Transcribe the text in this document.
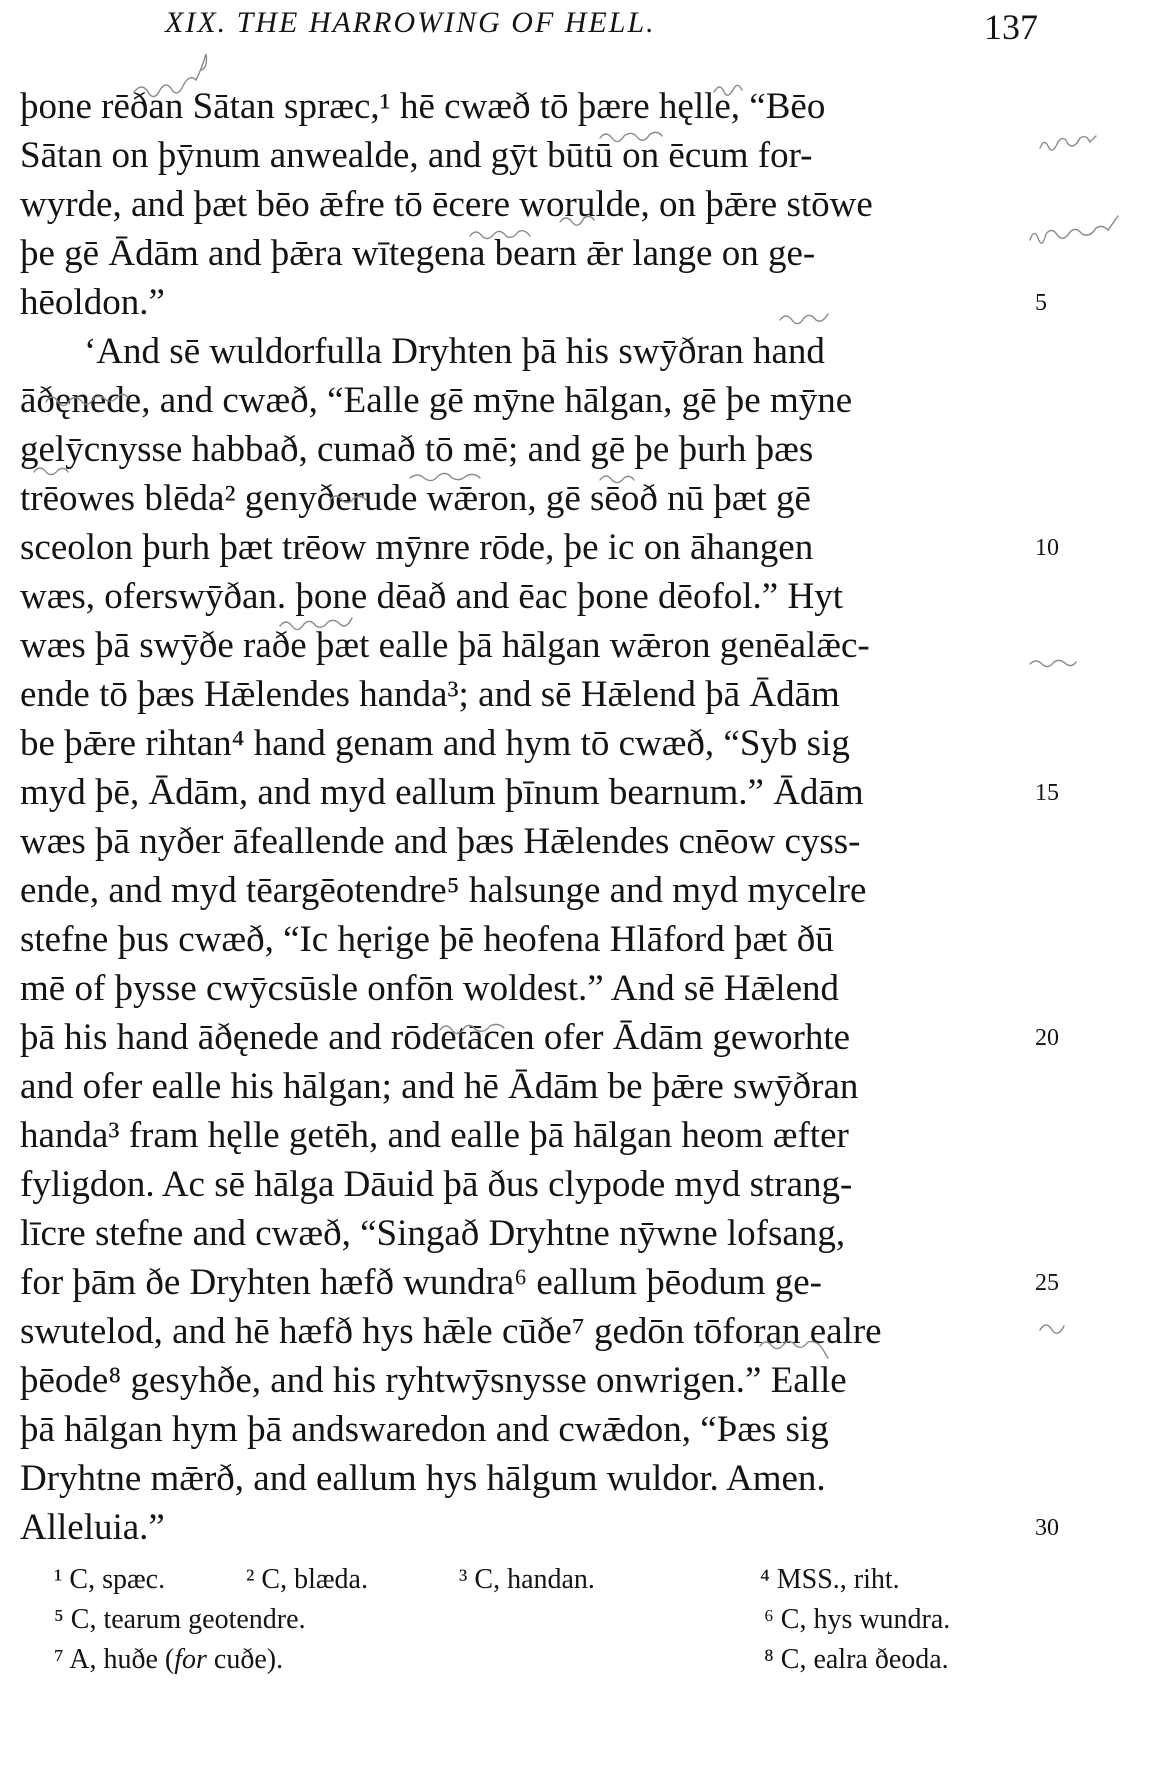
XIX. THE HARROWING OF HELL.	137
þone rēðan Sātan spræc,¹ hē cwæð tō þære hęlle, “Bēo
Sātan on þȳnum anwealde, and gȳt būtū on ēcum for-
wyrde, and þæt bēo ǣfre tō ēcere worulde, on þǣre stōwe
þe gē Ādām and þǣra wītegena bearn ǣr lange on ge-
hēoldon.”
‘And sē wuldorfulla Dryhten þā his swȳðran hand
āðęnede, and cwæð, “Ealle gē mȳne hālgan, gē þe mȳne
gelȳcnysse habbað, cumað tō mē; and gē þe þurh þæs
trēowes blēda² genyðerude wǣron, gē sēoð nū þæt gē
sceolon þurh þæt trēow mȳnre rōde, þe ic on āhangen
wæs, oferswȳðan. þone dēað and ēac þone dēofol.” Hyt
wæs þā swȳðe raðe þæt ealle þā hālgan wǣron genēalǣc-
ende tō þæs Hǣlendes handa³; and sē Hǣlend þā Ādām
be þǣre rihtan⁴ hand genam and hym tō cwæð, “Syb sig
myd þē, Ādām, and myd eallum þīnum bearnum.” Ādām
wæs þā nyðer āfeallende and þæs Hǣlendes cnēow cyss-
ende, and myd tēargēotendre⁵ halsunge and myd mycelre
stefne þus cwæð, “Ic hęrige þē heofena Hlāford þæt ðū
mē of þysse cwȳcsūsle onfōn woldest.” And sē Hǣlend
þā his hand āðęnede and rōdetācen ofer Ādām geworhte
and ofer ealle his hālgan; and hē Ādām be þǣre swȳðran
handa³ fram hęlle getēh, and ealle þā hālgan heom æfter
fyligdon. Ac sē hālga Dāuid þā ðus clypode myd strang-
līcre stefne and cwæð, “Singað Dryhtne nȳwne lofsang,
for þām ðe Dryhten hæfð wundra⁶ eallum þēodum ge-
swutelod, and hē hæfð hys hǣle cūðe⁷ gedōn tōforan ealre
þēode⁸ gesyhðe, and his ryhtwȳsnysse onwrigen.” Ealle
þā hālgan hym þā andswaredon and cwǣdon, “Þæs sig
Dryhtne mǣrð, and eallum hys hālgum wuldor. Amen.
Alleluia.”
5
10
15
20
25
30
¹ C, spæc.	² C, blæda.	³ C, handan.	⁴ MSS., riht.
⁵ C, tearum geotendre.	⁶ C, hys wundra.
⁷ A, huðe (for cuðe).	⁸ C, ealra ðeoda.
